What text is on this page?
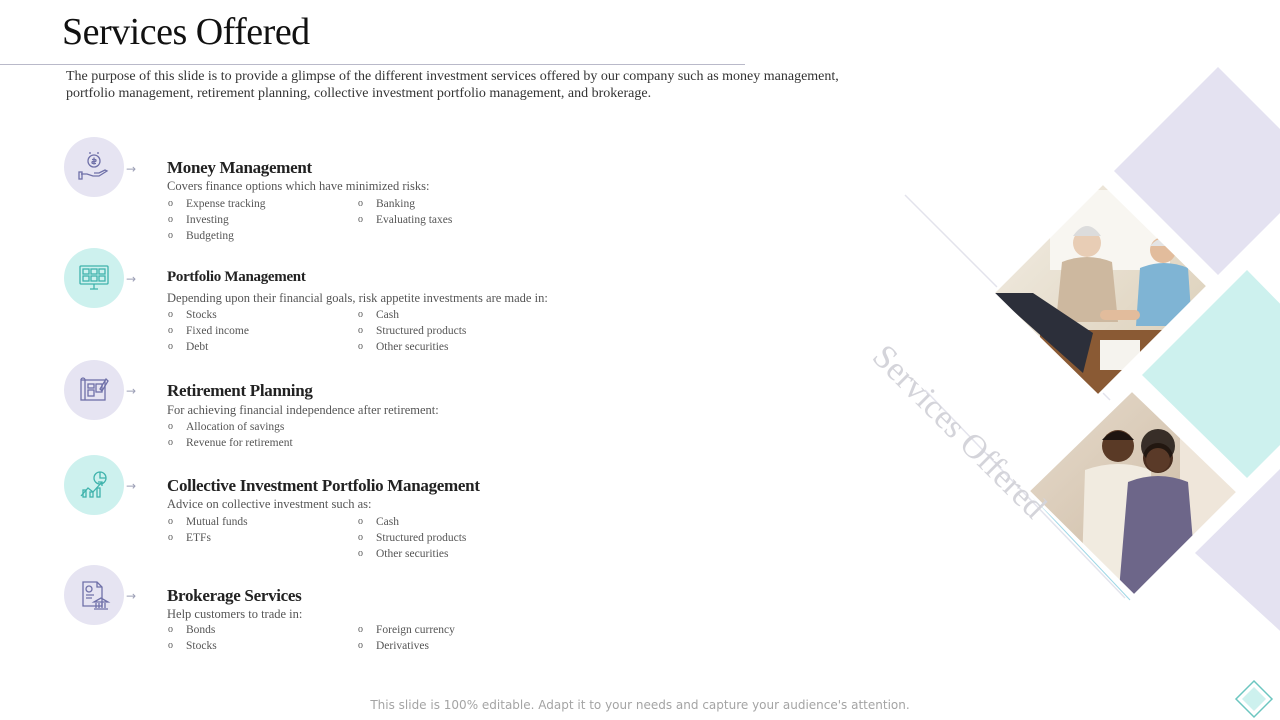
Services Offered
Services Offered
The purpose of this slide is to provide a glimpse of the different investment services offered by our company such as money management, portfolio management, retirement planning, collective investment portfolio management, and brokerage.
→	Money Management
Covers finance options which have minimized risks:
o Expense tracking
o Investing
o Budgeting
o Banking
o Evaluating taxes
→	Portfolio Management
Depending upon their financial goals, risk appetite investments are made in:
o Stocks
o Fixed income
o Debt
o Cash
o Structured products
o Other securities
→	Retirement Planning
For achieving financial independence after retirement:
o Allocation of savings
o Revenue for retirement
→	Collective Investment Portfolio Management
Advice on collective investment such as:
o Mutual funds
o ETFs
o Cash
o Structured products
o Other securities
→	Brokerage Services
Help customers to trade in:
o Bonds
o Stocks
o Foreign currency
o Derivatives
This slide is 100% editable. Adapt it to your needs and capture your audience's attention.
